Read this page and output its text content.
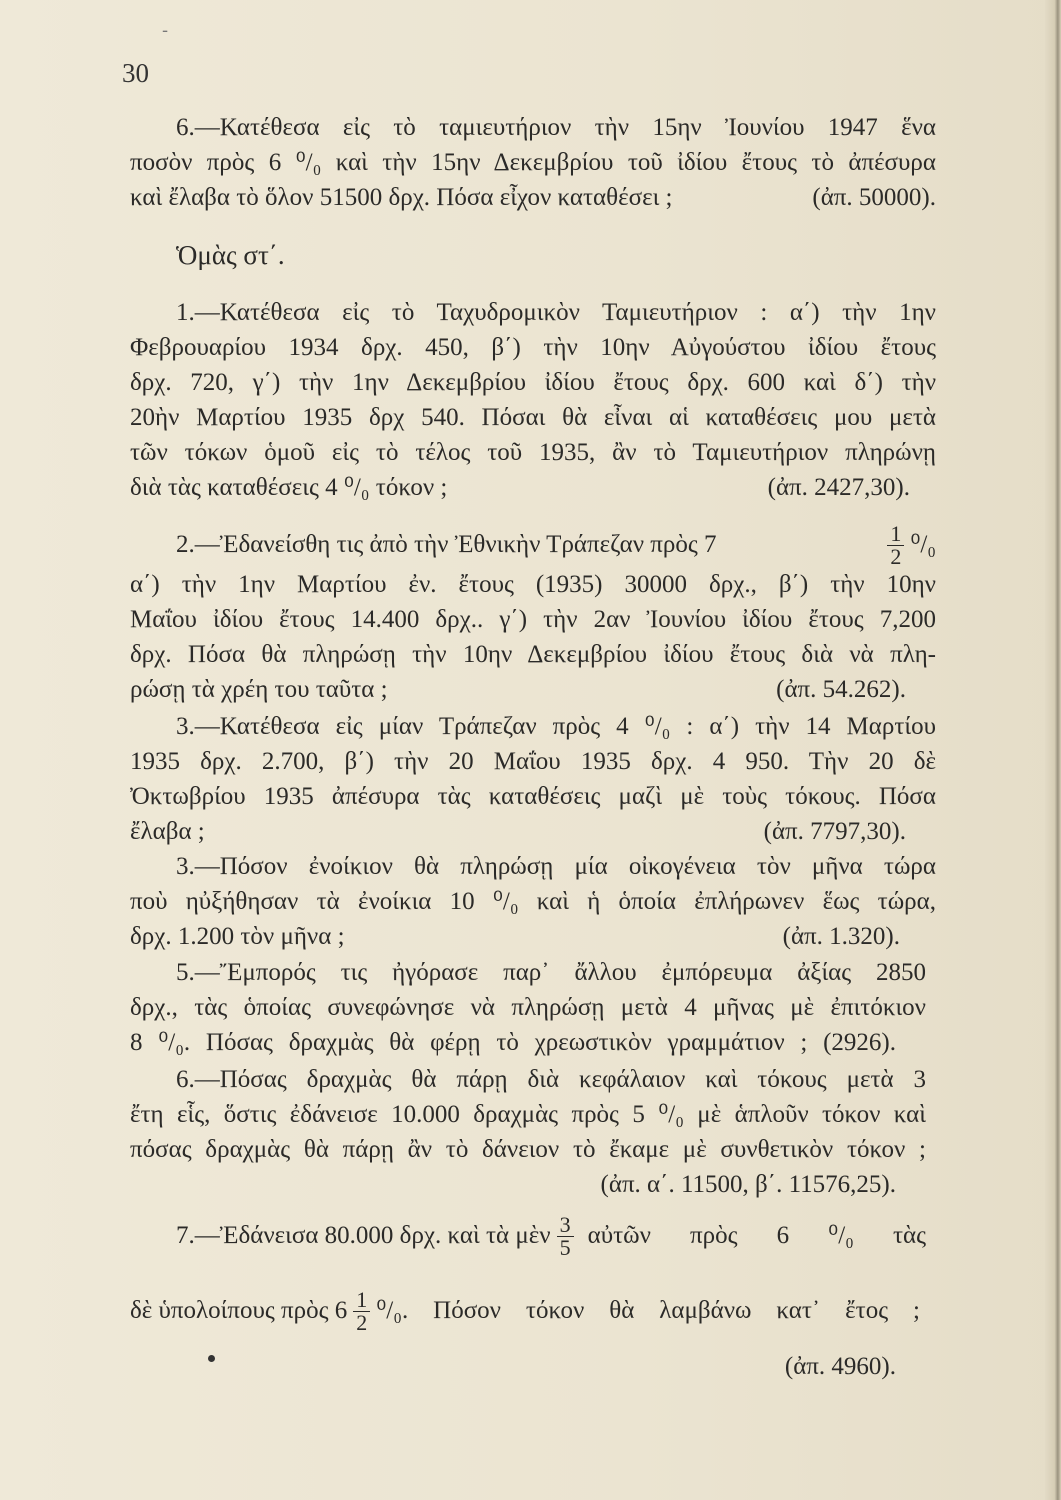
-
30
6.—Κατέθεσα εἰς τὸ ταμιευτήριον τὴν 15ην Ἰουνίου 1947 ἕνα
ποσὸν πρὸς 6 ⁰/₀ καὶ τὴν 15ην Δεκεμβρίου τοῦ ἰδίου ἔτους τὸ ἀπέσυρα
καὶ ἔλαβα τὸ ὅλον 51500 δρχ. Πόσα εἶχον καταθέσει ;	(ἀπ. 50000).
Ὁμὰς στ΄.
1.—Κατέθεσα εἰς τὸ Ταχυδρομικὸν Ταμιευτήριον : α΄) τὴν 1ην
Φεβρουαρίου 1934 δρχ. 450, β΄) τὴν 10ην Αὐγούστου ἰδίου ἔτους
δρχ. 720, γ΄) τὴν 1ην Δεκεμβρίου ἰδίου ἔτους δρχ. 600 καὶ δ΄) τὴν
20ὴν Μαρτίου 1935 δρχ 540. Πόσαι θὰ εἶναι αἱ καταθέσεις μου μετὰ
τῶν τόκων ὁμοῦ εἰς τὸ τέλος τοῦ 1935, ἂν τὸ Ταμιευτήριον πληρώνῃ
διὰ τὰς καταθέσεις 4 ⁰/₀ τόκον ;	(ἀπ. 2427,30).
2.—Ἐδανείσθη τις ἀπὸ τὴν Ἐθνικὴν Τράπεζαν πρὸς 7	$\frac{1}{2} ^0/_0$
α΄) τὴν 1ην Μαρτίου ἐν. ἔτους (1935) 30000 δρχ., β΄) τὴν 10ην
Μαΐου ἰδίου ἔτους 14.400 δρχ.. γ΄) τὴν 2αν Ἰουνίου ἰδίου ἔτους 7,200
δρχ. Πόσα θὰ πληρώσῃ τὴν 10ην Δεκεμβρίου ἰδίου ἔτους διὰ νὰ πλη-
ρώσῃ τὰ χρέη του ταῦτα ;	(ἀπ. 54.262).
3.—Κατέθεσα εἰς μίαν Τράπεζαν πρὸς 4 ⁰/₀ : α΄) τὴν 14 Μαρτίου
1935 δρχ. 2.700, β΄) τὴν 20 Μαΐου 1935 δρχ. 4 950. Τὴν 20 δὲ
Ὀκτωβρίου 1935 ἀπέσυρα τὰς καταθέσεις μαζὶ μὲ τοὺς τόκους. Πόσα
ἔλαβα ;	(ἀπ. 7797,30).
3.—Πόσον ἐνοίκιον θὰ πληρώσῃ μία οἰκογένεια τὸν μῆνα τώρα
ποὺ ηὐξήθησαν τὰ ἐνοίκια 10 ⁰/₀ καὶ ἡ ὁποία ἐπλήρωνεν ἕως τώρα,
δρχ. 1.200 τὸν μῆνα ;	(ἀπ. 1.320).
5.—Ἔμπορός τις ἠγόρασε παρ᾽ ἄλλου ἐμπόρευμα ἀξίας 2850
δρχ., τὰς ὁποίας συνεφώνησε νὰ πληρώσῃ μετὰ 4 μῆνας μὲ ἐπιτόκιον
8 ⁰/₀. Πόσας δραχμὰς θὰ φέρῃ τὸ χρεωστικὸν γραμμάτιον ; (2926).
6.—Πόσας δραχμὰς θὰ πάρῃ διὰ κεφάλαιον καὶ τόκους μετὰ 3
ἔτη εἷς, ὅστις ἐδάνεισε 10.000 δραχμὰς πρὸς 5 ⁰/₀ μὲ ἁπλοῦν τόκον καὶ
πόσας δραχμὰς θὰ πάρῃ ἂν τὸ δάνειον τὸ ἔκαμε μὲ συνθετικὸν τόκον ;
(ἀπ. α΄. 11500, β΄. 11576,25).
7.—Ἐδάνεισα 80.000 δρχ. καὶ τὰ μὲν $\frac{3}{5}$ αὐτῶν πρὸς 6 ⁰/₀ τὰς
δὲ ὑπολοίπους πρὸς $6 \frac{1}{2} ^0/_0$. Πόσον τόκον θὰ λαμβάνω κατ᾽ ἔτος ;
(ἀπ. 4960).
